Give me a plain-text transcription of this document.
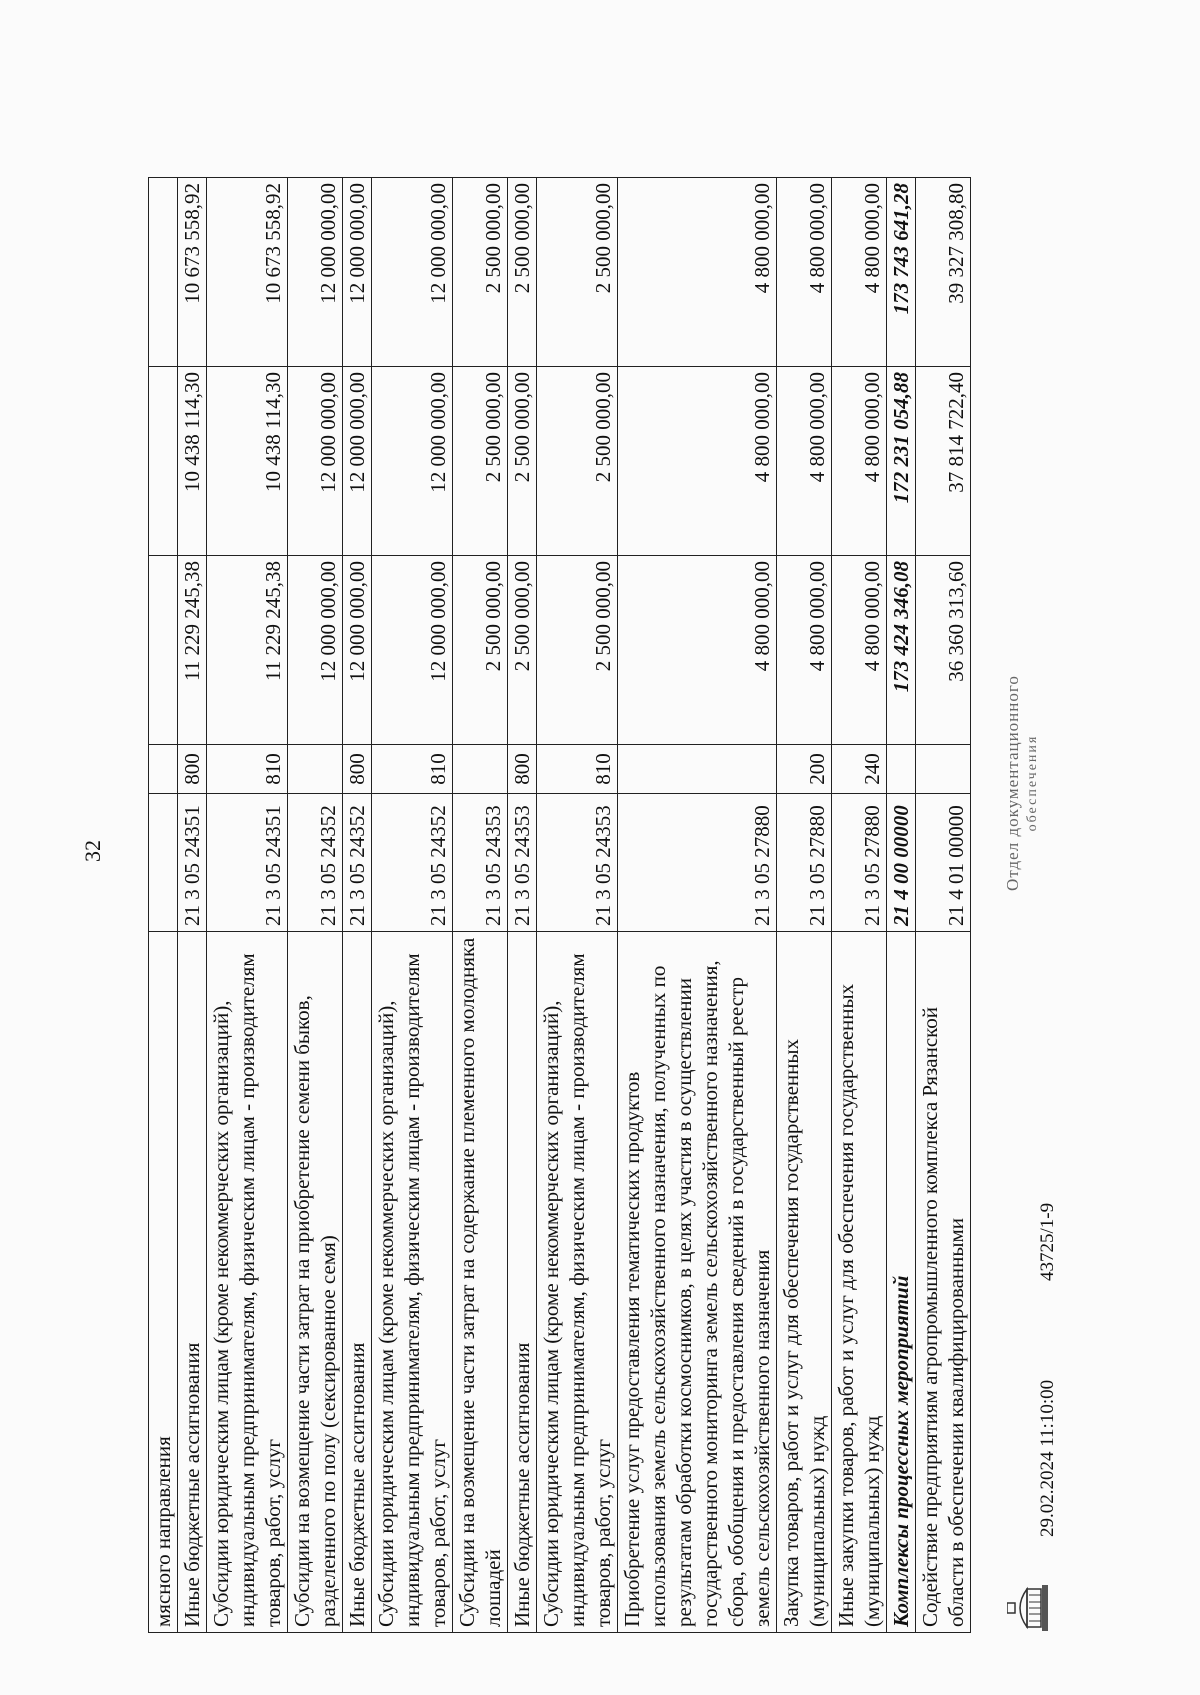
32
мясного направления					
Иные бюджетные ассигнования	21 3 05 24351	800	11 229 245,38	10 438 114,30	10 673 558,92
Субсидии юридическим лицам (кроме некоммерческих организаций), индивидуальным предпринимателям, физическим лицам - производителям товаров, работ, услуг	21 3 05 24351	810	11 229 245,38	10 438 114,30	10 673 558,92
Субсидии на возмещение части затрат на приобретение семени быков, разделенного по полу (сексированное семя)	21 3 05 24352		12 000 000,00	12 000 000,00	12 000 000,00
Иные бюджетные ассигнования	21 3 05 24352	800	12 000 000,00	12 000 000,00	12 000 000,00
Субсидии юридическим лицам (кроме некоммерческих организаций), индивидуальным предпринимателям, физическим лицам - производителям товаров, работ, услуг	21 3 05 24352	810	12 000 000,00	12 000 000,00	12 000 000,00
Субсидии на возмещение части затрат на содержание племенного молодняка лошадей	21 3 05 24353		2 500 000,00	2 500 000,00	2 500 000,00
Иные бюджетные ассигнования	21 3 05 24353	800	2 500 000,00	2 500 000,00	2 500 000,00
Субсидии юридическим лицам (кроме некоммерческих организаций), индивидуальным предпринимателям, физическим лицам - производителям товаров, работ, услуг	21 3 05 24353	810	2 500 000,00	2 500 000,00	2 500 000,00
Приобретение услуг предоставления тематических продуктов использования земель сельскохозяйственного назначения, полученных по результатам обработки космоснимков, в целях участия в осуществлении государственного мониторинга земель сельскохозяйственного назначения, сбора, обобщения и предоставления сведений в государственный реестр земель сельскохозяйственного назначения	21 3 05 27880		4 800 000,00	4 800 000,00	4 800 000,00
Закупка товаров, работ и услуг для обеспечения государственных (муниципальных) нужд	21 3 05 27880	200	4 800 000,00	4 800 000,00	4 800 000,00
Иные закупки товаров, работ и услуг для обеспечения государственных (муниципальных) нужд	21 3 05 27880	240	4 800 000,00	4 800 000,00	4 800 000,00
Комплексы процессных мероприятий	21 4 00 00000		173 424 346,08	172 231 054,88	173 743 641,28
Содействие предприятиям агропромышленного комплекса Рязанской области в обеспечении квалифицированными	21 4 01 00000		36 360 313,60	37 814 722,40	39 327 308,80
29.02.2024 11:10:00
43725/1-9
Отдел документационного обеспечения
